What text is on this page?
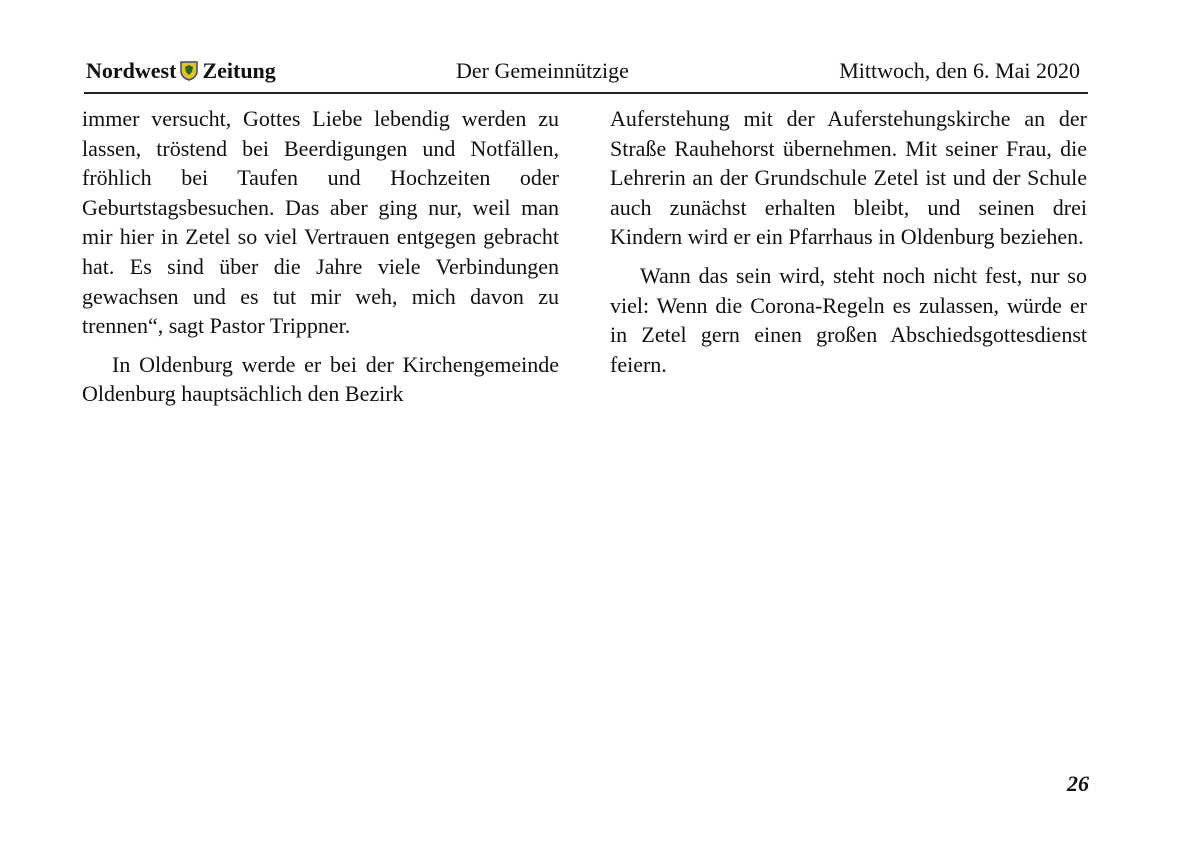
Nordwest Zeitung	Der Gemeinnützige	Mittwoch, den 6. Mai 2020

immer versucht, Gottes Liebe lebendig werden zu lassen, tröstend bei Beerdigungen und Notfällen, fröhlich bei Taufen und Hochzeiten oder Geburtstagsbesuchen. Das aber ging nur, weil man mir hier in Zetel so viel Vertrauen entgegen gebracht hat. Es sind über die Jahre viele Verbindungen gewachsen und es tut mir weh, mich davon zu trennen“, sagt Pastor Trippner.

In Oldenburg werde er bei der Kirchengemeinde Oldenburg hauptsächlich den Bezirk

Auferstehung mit der Auferstehungskirche an der Straße Rauhehorst übernehmen. Mit seiner Frau, die Lehrerin an der Grundschule Zetel ist und der Schule auch zunächst erhalten bleibt, und seinen drei Kindern wird er ein Pfarrhaus in Oldenburg beziehen.

Wann das sein wird, steht noch nicht fest, nur so viel: Wenn die Corona-Regeln es zulassen, würde er in Zetel gern einen großen Abschiedsgottesdienst feiern.

26
